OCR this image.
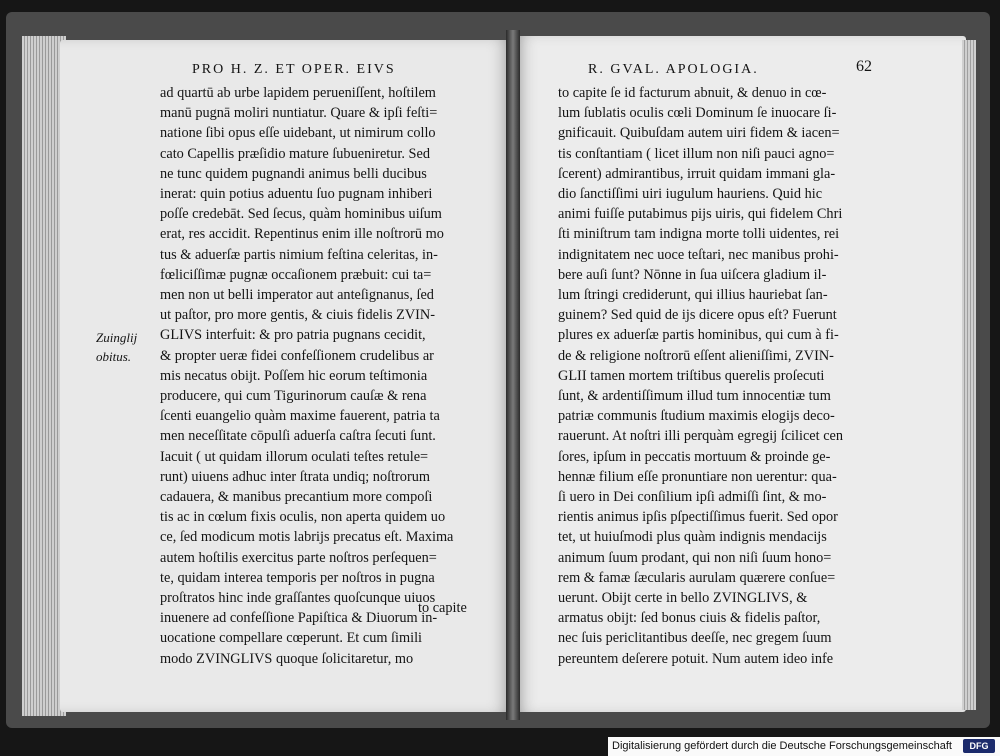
PRO H. Z. ET OPER. EIVS
Zuinglij
obitus.
ad quartū ab urbe lapidem perueniſſent, hoſtilem
manū pugnā moliri nuntiatur. Quare & ipſi feſti=
natione ſibi opus eſſe uidebant, ut nimirum collo
cato Capellis præſidio mature ſubueniretur. Sed
ne tunc quidem pugnandi animus belli ducibus
inerat: quin potius aduentu ſuo pugnam inhiberi
poſſe credebāt. Sed ſecus, quàm hominibus uiſum
erat, res accidit. Repentinus enim ille noſtrorū mo
tus & aduerſæ partis nimium feſtina celeritas, in-
fœliciſſimæ pugnæ occaſionem præbuit: cui ta=
men non ut belli imperator aut anteſignanus, ſed
ut paſtor, pro more gentis, & ciuis fidelis ZVIN-
GLIVS interfuit: & pro patria pugnans cecidit,
& propter ueræ fidei confeſſionem crudelibus ar
mis necatus obijt. Poſſem hic eorum teſtimonia
producere, qui cum Tigurinorum cauſæ & rena
ſcenti euangelio quàm maxime fauerent, patria ta
men neceſſitate cōpulſi aduerſa caſtra ſecuti ſunt.
Iacuit ( ut quidam illorum oculati teſtes retule=
runt) uiuens adhuc inter ſtrata undiq; noſtrorum
cadauera, & manibus precantium more compoſi
tis ac in cœlum fixis oculis, non aperta quidem uo
ce, ſed modicum motis labrijs precatus eſt. Maxima
autem hoſtilis exercitus parte noſtros perſequen=
te, quidam interea temporis per noſtros in pugna
proſtratos hinc inde graſſantes quoſcunque uiuos
inuenere ad confeſſione Papiſtica & Diuorum in-
uocatione compellare cœperunt. Et cum ſimili
modo ZVINGLIVS quoque ſolicitaretur, mo
to capite
R. GVAL. APOLOGIA.	62
to capite ſe id facturum abnuit, & denuo in cœ-
lum ſublatis oculis cœli Dominum ſe inuocare ſi-
gnificauit. Quibuſdam autem uiri fidem & iacen=
tis conſtantiam ( licet illum non niſi pauci agno=
ſcerent) admirantibus, irruit quidam immani gla-
dio ſanctiſſimi uiri iugulum hauriens. Quid hic
animi fuiſſe putabimus pijs uiris, qui fidelem Chri
ſti miniſtrum tam indigna morte tolli uidentes, rei
indignitatem nec uoce teſtari, nec manibus prohi-
bere auſi ſunt? Nōnne in ſua uiſcera gladium il-
lum ſtringi crediderunt, qui illius hauriebat ſan-
guinem? Sed quid de ijs dicere opus eſt? Fuerunt
plures ex aduerſæ partis hominibus, qui cum à fi-
de & religione noſtrorū eſſent alieniſſimi, ZVIN-
GLII tamen mortem triſtibus querelis proſecuti
ſunt, & ardentiſſimum illud tum innocentiæ tum
patriæ communis ſtudium maximis elogijs deco-
rauerunt. At noſtri illi perquàm egregij ſcilicet cen
ſores, ipſum in peccatis mortuum & proinde ge-
hennæ filium eſſe pronuntiare non uerentur: qua-
ſi uero in Dei conſilium ipſi admiſſi ſint, & mo-
rientis animus ipſis pſpectiſſimus fuerit. Sed opor
tet, ut huiuſmodi plus quàm indignis mendacijs
animum ſuum prodant, qui non niſi ſuum hono=
rem & famæ ſæcularis aurulam quærere conſue=
uerunt. Obijt certe in bello ZVINGLIVS, &
armatus obijt: ſed bonus ciuis & fidelis paſtor,
nec ſuis periclitantibus deeſſe, nec gregem ſuum
pereuntem deſerere potuit. Num autem ideo infe
Digitalisierung gefördert durch die Deutsche Forschungsgemeinschaft	DFG
